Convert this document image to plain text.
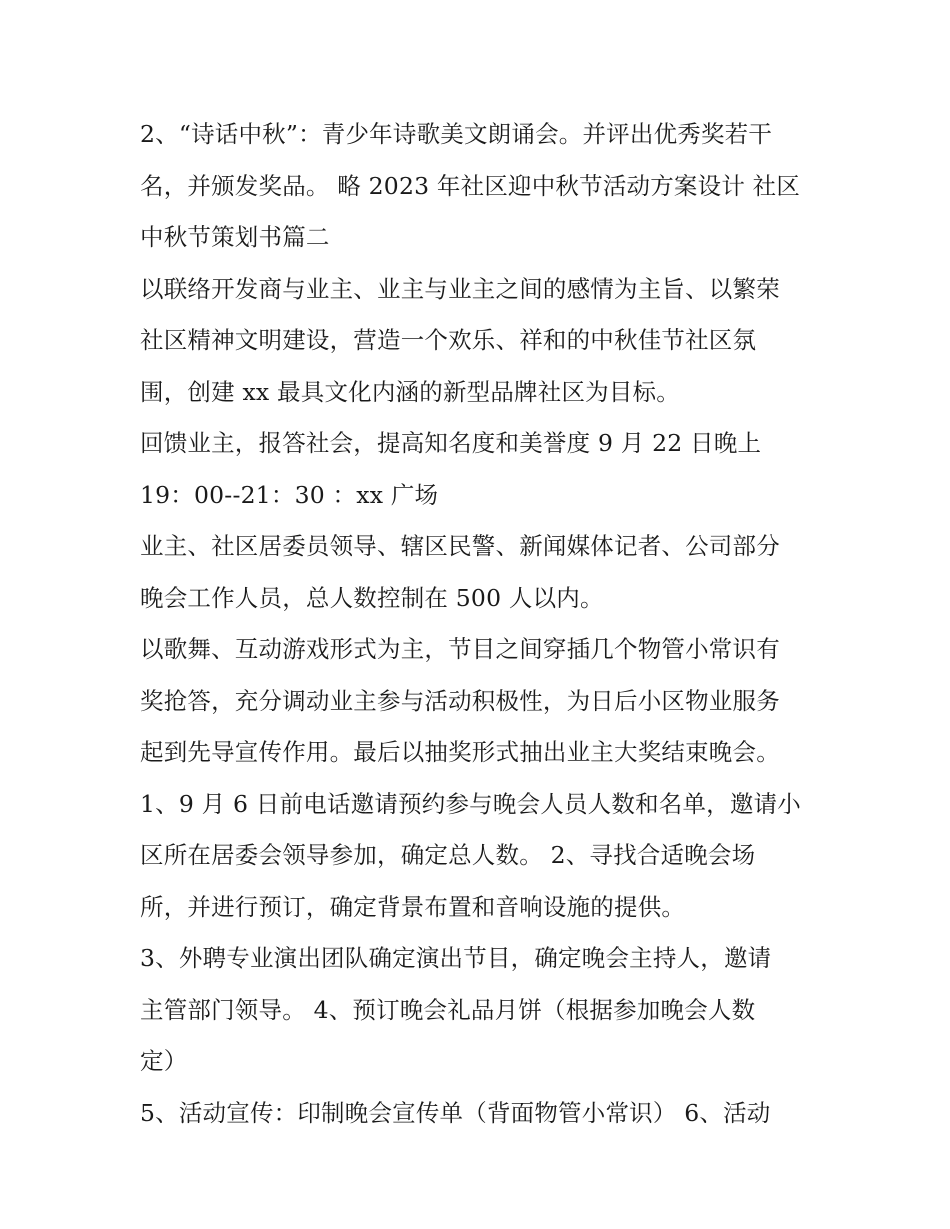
2、“诗话中秋”：青少年诗歌美文朗诵会。并评出优秀奖若干
名，并颁发奖品。 略 2023 年社区迎中秋节活动方案设计 社区
中秋节策划书篇二
以联络开发商与业主、业主与业主之间的感情为主旨、以繁荣
社区精神文明建设，营造一个欢乐、祥和的中秋佳节社区氛
围，创建 xx 最具文化内涵的新型品牌社区为目标。
回馈业主，报答社会，提高知名度和美誉度 9 月 22 日晚上
19：00--21：30 ：xx 广场
业主、社区居委员领导、辖区民警、新闻媒体记者、公司部分
晚会工作人员，总人数控制在 500 人以内。
以歌舞、互动游戏形式为主，节目之间穿插几个物管小常识有
奖抢答，充分调动业主参与活动积极性，为日后小区物业服务
起到先导宣传作用。最后以抽奖形式抽出业主大奖结束晚会。
1、9 月 6 日前电话邀请预约参与晚会人员人数和名单，邀请小
区所在居委会领导参加，确定总人数。 2、寻找合适晚会场
所，并进行预订，确定背景布置和音响设施的提供。
3、外聘专业演出团队确定演出节目，确定晚会主持人，邀请
主管部门领导。 4、预订晚会礼品月饼（根据参加晚会人数
定）
5、活动宣传：印制晚会宣传单（背面物管小常识） 6、活动
